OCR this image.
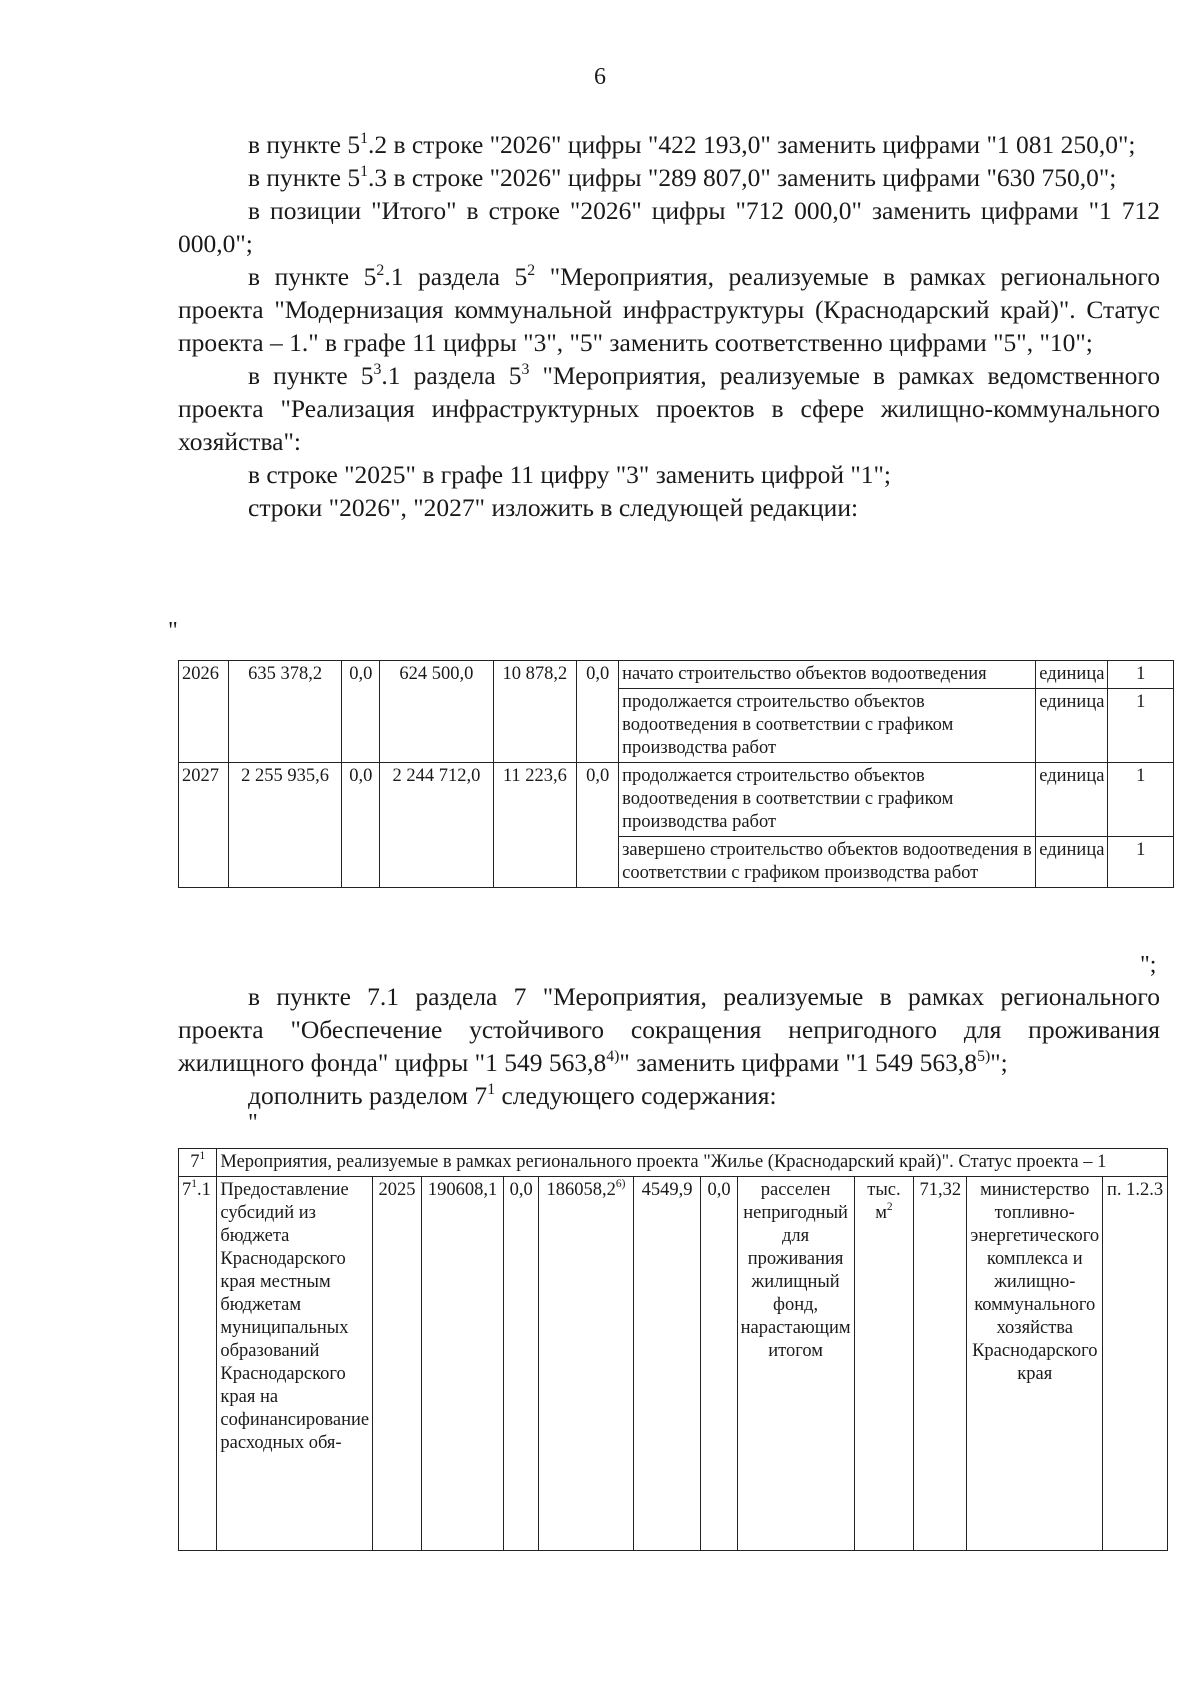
6

в пункте $5^1.2$ в строке "2026" цифры "422 193,0" заменить цифрами "1 081 250,0";

в пункте $5^1.3$ в строке "2026" цифры "289 807,0" заменить цифрами "630 750,0";

в позиции "Итого" в строке "2026" цифры "712 000,0" заменить цифрами "1 712 000,0";

в пункте $5^2.1$ раздела $5^2$ "Мероприятия, реализуемые в рамках регионального проекта "Модернизация коммунальной инфраструктуры (Краснодарский край)". Статус проекта – 1." в графе 11 цифры "3", "5" заменить соответственно цифрами "5", "10";

в пункте $5^3.1$ раздела $5^3$ "Мероприятия, реализуемые в рамках ведомственного проекта "Реализация инфраструктурных проектов в сфере жилищно-коммунального хозяйства":

в строке "2025" в графе 11 цифру "3" заменить цифрой "1";

строки "2026", "2027" изложить в следующей редакции:

"
2026	635 378,2	0,0	624 500,0	10 878,2	0,0	начато строительство объектов водоотведения	единица	1
						продолжается строительство объектов водоотведения в соответствии с графиком производства работ	единица	1
2027	2 255 935,6	0,0	2 244 712,0	11 223,6	0,0	продолжается строительство объектов водоотведения в соответствии с графиком производства работ	единица	1
						завершено строительство объектов водоотведения в соответствии с графиком производства работ	единица	1
";

в пункте 7.1 раздела 7 "Мероприятия, реализуемые в рамках регионального проекта "Обеспечение устойчивого сокращения непригодного для проживания жилищного фонда" цифры "1 549 563,8$^{4)}$" заменить цифрами "1 549 563,8$^{5)}$";

дополнить разделом $7^1$ следующего содержания:

"
$7^1$	Мероприятия, реализуемые в рамках регионального проекта "Жилье (Краснодарский край)". Статус проекта – 1											
$7^1.1$	Предоставление субсидий из бюджета Краснодарского края местным бюджетам муниципальных образований Краснодарского края на софинансирование расходных обя-	2025	190608,1	0,0	186058,2$^{6)}$	4549,9	0,0	расселен непригодный для проживания жилищный фонд, нарастающим итогом	тыс. $м^2$	71,32	министерство топливно-энергетического комплекса и жилищно-коммунального хозяйства Краснодарского края	п. 1.2.3
